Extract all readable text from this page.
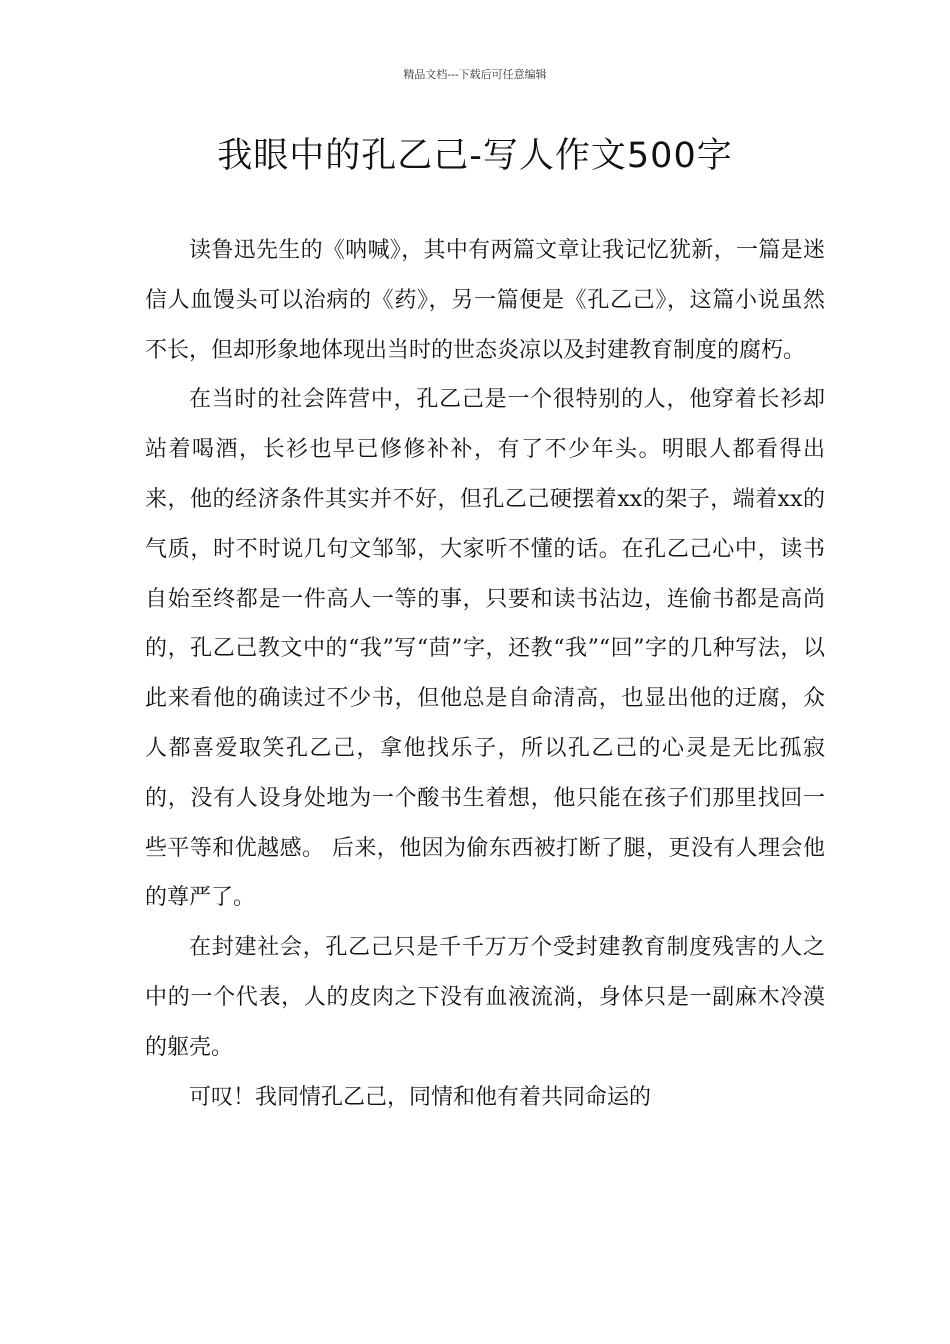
精品文档---下载后可任意编辑
我眼中的孔乙己-写人作文500字

读鲁迅先生的《呐喊》，其中有两篇文章让我记忆犹新，一篇是迷信人血馒头可以治病的《药》，另一篇便是《孔乙己》，这篇小说虽然不长，但却形象地体现出当时的世态炎凉以及封建教育制度的腐朽。

在当时的社会阵营中，孔乙己是一个很特别的人，他穿着长衫却站着喝酒，长衫也早已修修补补，有了不少年头。明眼人都看得出来，他的经济条件其实并不好，但孔乙己硬摆着xx的架子，端着xx的气质，时不时说几句文邹邹，大家听不懂的话。在孔乙己心中，读书自始至终都是一件高人一等的事，只要和读书沾边，连偷书都是高尚的，孔乙己教文中的“我”写“茴”字，还教“我”“回”字的几种写法，以此来看他的确读过不少书，但他总是自命清高，也显出他的迂腐，众人都喜爱取笑孔乙己，拿他找乐子，所以孔乙己的心灵是无比孤寂的，没有人设身处地为一个酸书生着想，他只能在孩子们那里找回一些平等和优越感。 后来，他因为偷东西被打断了腿，更没有人理会他的尊严了。

在封建社会，孔乙己只是千千万万个受封建教育制度残害的人之中的一个代表，人的皮肉之下没有血液流淌，身体只是一副麻木冷漠的躯壳。

可叹！我同情孔乙己，同情和他有着共同命运的
